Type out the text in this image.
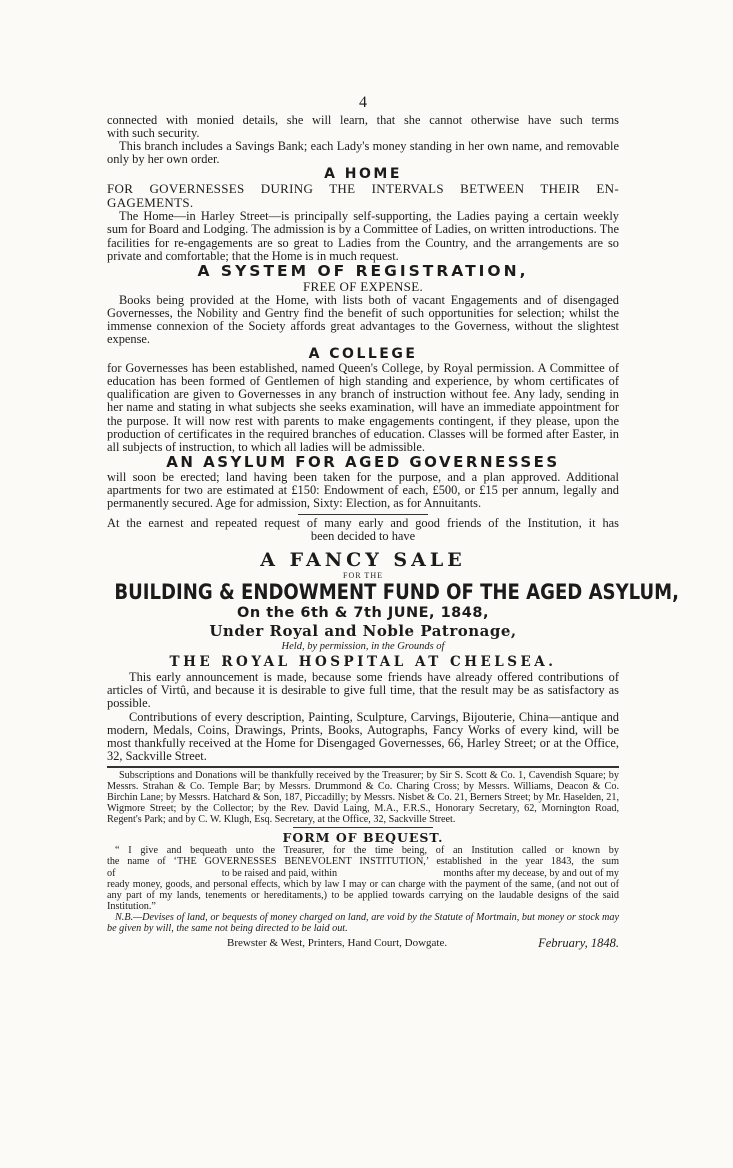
4

connected with monied details, she will learn, that she cannot otherwise have such terms

with such security.

This branch includes a Savings Bank; each Lady's money standing in her own name, and removable only by her own order.

A HOME

FOR GOVERNESSES DURING THE INTERVALS BETWEEN THEIR EN-

GAGEMENTS.

The Home—in Harley Street—is principally self-supporting, the Ladies paying a certain weekly sum for Board and Lodging. The admission is by a Committee of Ladies, on written introductions. The facilities for re-engagements are so great to Ladies from the Country, and the arrangements are so private and comfortable; that the Home is in much request.

A SYSTEM OF REGISTRATION,

FREE OF EXPENSE.

Books being provided at the Home, with lists both of vacant Engagements and of disengaged Governesses, the Nobility and Gentry find the benefit of such opportunities for selection; whilst the immense connexion of the Society affords great advantages to the Governess, without the slightest expense.

A COLLEGE

for Governesses has been established, named Queen's College, by Royal permission. A Committee of education has been formed of Gentlemen of high standing and experience, by whom certificates of qualification are given to Governesses in any branch of instruction without fee. Any lady, sending in her name and stating in what subjects she seeks examination, will have an immediate appointment for the purpose. It will now rest with parents to make engagements contingent, if they please, upon the production of certificates in the required branches of education. Classes will be formed after Easter, in all subjects of instruction, to which all ladies will be admissible.

AN ASYLUM FOR AGED GOVERNESSES

will soon be erected; land having been taken for the purpose, and a plan approved. Additional apartments for two are estimated at £150: Endowment of each, £500, or £15 per annum, legally and permanently secured. Age for admission, Sixty: Election, as for Annuitants.

At the earnest and repeated request of many early and good friends of the Institution, it has

been decided to have

A FANCY SALE
FOR THE
BUILDING & ENDOWMENT FUND OF THE AGED ASYLUM,
On the 6th & 7th JUNE, 1848,
Under Royal and Noble Patronage,
Held, by permission, in the Grounds of
THE ROYAL HOSPITAL AT CHELSEA.

This early announcement is made, because some friends have already offered contributions of articles of Virtû, and because it is desirable to give full time, that the result may be as satisfactory as possible.

Contributions of every description, Painting, Sculpture, Carvings, Bijouterie, China—antique and modern, Medals, Coins, Drawings, Prints, Books, Autographs, Fancy Works of every kind, will be most thankfully received at the Home for Disengaged Governesses, 66, Harley Street; or at the Office, 32, Sackville Street.

Subscriptions and Donations will be thankfully received by the Treasurer; by Sir S. Scott & Co. 1, Cavendish Square; by Messrs. Strahan & Co. Temple Bar; by Messrs. Drummond & Co. Charing Cross; by Messrs. Williams, Deacon & Co. Birchin Lane; by Messrs. Hatchard & Son, 187, Piccadilly; by Messrs. Nisbet & Co. 21, Berners Street; by Mr. Haselden, 21, Wigmore Street; by the Collector; by the Rev. David Laing, M.A., F.R.S., Honorary Secretary, 62, Mornington Road, Regent's Park; and by C. W. Klugh, Esq. Secretary, at the Office, 32, Sackville Street.

FORM OF BEQUEST.

“ I give and bequeath unto the Treasurer, for the time being, of an Institution called or known by

the name of ‘THE GOVERNESSES BENEVOLENT INSTITUTION,’ established in the year 1843, the sum

of	to be raised and paid, within	months after my decease, by and out of my

ready money, goods, and personal effects, which by law I may or can charge with the payment of the same, (and not out of any part of my lands, tenements or hereditaments,) to be applied towards carrying on the laudable designs of the said Institution.”

N.B.—Devises of land, or bequests of money charged on land, are void by the Statute of Mortmain, but money or stock may be given by will, the same not being directed to be laid out.

Brewster & West, Printers, Hand Court, Dowgate.	February, 1848.
